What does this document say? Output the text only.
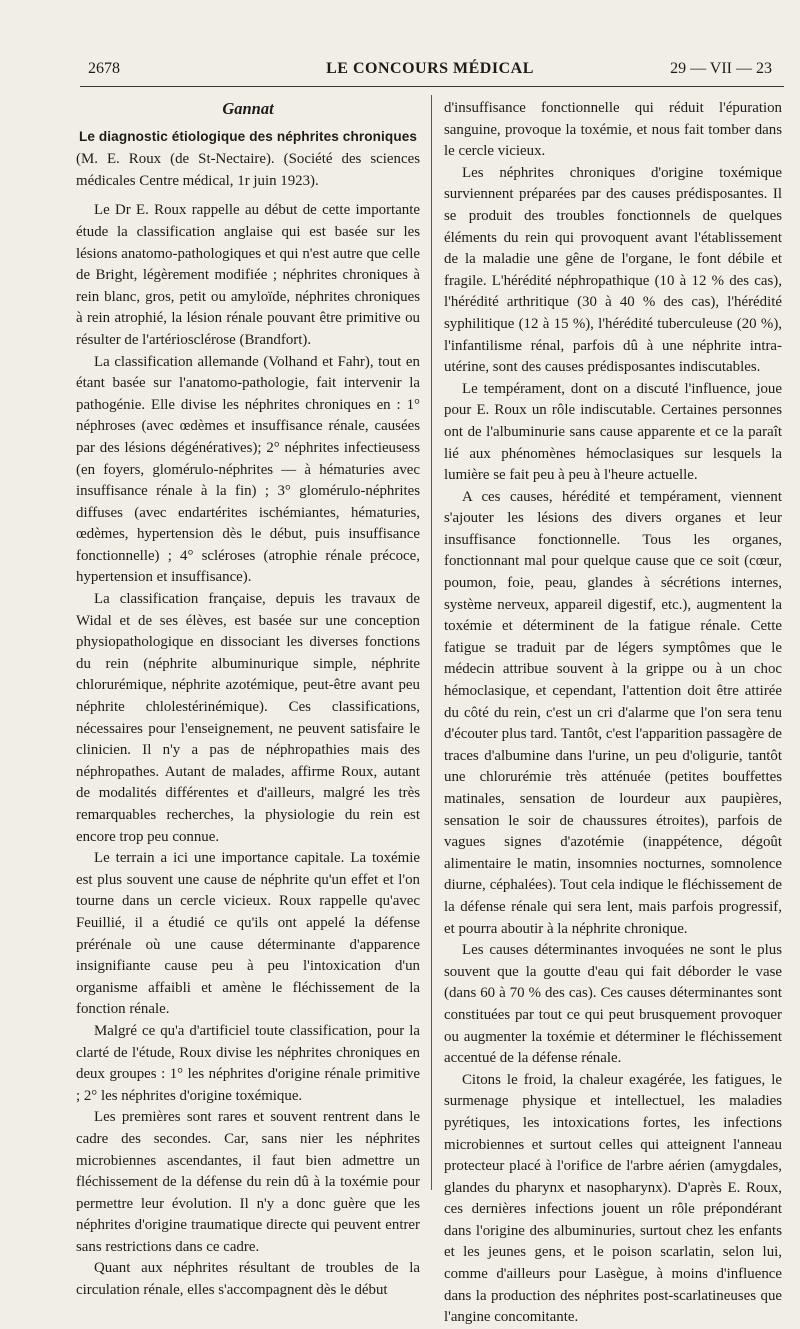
2678	LE CONCOURS MÉDICAL	29 — VII — 23
Gannat
Le diagnostic étiologique des néphrites chroniques

(M. E. Roux (de St-Nectaire). (Société des sciences médicales Centre médical, 1r juin 1923).

Le Dr E. Roux rappelle au début de cette importante étude la classification anglaise qui est basée sur les lésions anatomo-pathologiques et qui n'est autre que celle de Bright, légèrement modifiée ; néphrites chroniques à rein blanc, gros, petit ou amyloïde, néphrites chroniques à rein atrophié, la lésion rénale pouvant être primitive ou résulter de l'artériosclérose (Brandfort).

La classification allemande (Volhand et Fahr), tout en étant basée sur l'anatomo-pathologie, fait intervenir la pathogénie. Elle divise les néphrites chroniques en : 1° néphroses (avec œdèmes et insuffisance rénale, causées par des lésions dégénératives); 2° néphrites infectieusess (en foyers, glomérulo-néphrites — à hématuries avec insuffisance rénale à la fin) ; 3° glomérulo-néphrites diffuses (avec endartérites ischémiantes, hématuries, œdèmes, hypertension dès le début, puis insuffisance fonctionnelle) ; 4° scléroses (atrophie rénale précoce, hypertension et insuffisance).

La classification française, depuis les travaux de Widal et de ses élèves, est basée sur une conception physiopathologique en dissociant les diverses fonctions du rein (néphrite albuminurique simple, néphrite chlorurémique, néphrite azotémique, peut-être avant peu néphrite chlolestérinémique). Ces classifications, nécessaires pour l'enseignement, ne peuvent satisfaire le clinicien. Il n'y a pas de néphropathies mais des néphropathes. Autant de malades, affirme Roux, autant de modalités différentes et d'ailleurs, malgré les très remarquables recherches, la physiologie du rein est encore trop peu connue.

Le terrain a ici une importance capitale. La toxémie est plus souvent une cause de néphrite qu'un effet et l'on tourne dans un cercle vicieux. Roux rappelle qu'avec Feuillié, il a étudié ce qu'ils ont appelé la défense prérénale où une cause déterminante d'apparence insignifiante cause peu à peu l'intoxication d'un organisme affaibli et amène le fléchissement de la fonction rénale.

Malgré ce qu'a d'artificiel toute classification, pour la clarté de l'étude, Roux divise les néphrites chroniques en deux groupes : 1° les néphrites d'origine rénale primitive ; 2° les néphrites d'origine toxémique.

Les premières sont rares et souvent rentrent dans le cadre des secondes. Car, sans nier les néphrites microbiennes ascendantes, il faut bien admettre un fléchissement de la défense du rein dû à la toxémie pour permettre leur évolution. Il n'y a donc guère que les néphrites d'origine traumatique directe qui peuvent entrer sans restrictions dans ce cadre.

Quant aux néphrites résultant de troubles de la circulation rénale, elles s'accompagnent dès le début

d'insuffisance fonctionnelle qui réduit l'épuration sanguine, provoque la toxémie, et nous fait tomber dans le cercle vicieux.

Les néphrites chroniques d'origine toxémique surviennent préparées par des causes prédisposantes. Il se produit des troubles fonctionnels de quelques éléments du rein qui provoquent avant l'établissement de la maladie une gêne de l'organe, le font débile et fragile. L'hérédité néphropathique (10 à 12 % des cas), l'hérédité arthritique (30 à 40 % des cas), l'hérédité syphilitique (12 à 15 %), l'hérédité tuberculeuse (20 %), l'infantilisme rénal, parfois dû à une néphrite intra-utérine, sont des causes prédisposantes indiscutables.

Le tempérament, dont on a discuté l'influence, joue pour E. Roux un rôle indiscutable. Certaines personnes ont de l'albuminurie sans cause apparente et ce la paraît lié aux phénomènes hémoclasiques sur lesquels la lumière se fait peu à peu à l'heure actuelle.

A ces causes, hérédité et tempérament, viennent s'ajouter les lésions des divers organes et leur insuffisance fonctionnelle. Tous les organes, fonctionnant mal pour quelque cause que ce soit (cœur, poumon, foie, peau, glandes à sécrétions internes, système nerveux, appareil digestif, etc.), augmentent la toxémie et déterminent de la fatigue rénale. Cette fatigue se traduit par de légers symptômes que le médecin attribue souvent à la grippe ou à un choc hémoclasique, et cependant, l'attention doit être attirée du côté du rein, c'est un cri d'alarme que l'on sera tenu d'écouter plus tard. Tantôt, c'est l'apparition passagère de traces d'albumine dans l'urine, un peu d'oligurie, tantôt une chlorurémie très atténuée (petites bouffettes matinales, sensation de lourdeur aux paupières, sensation le soir de chaussures étroites), parfois de vagues signes d'azotémie (inappétence, dégoût alimentaire le matin, insomnies nocturnes, somnolence diurne, céphalées). Tout cela indique le fléchissement de la défense rénale qui sera lent, mais parfois progressif, et pourra aboutir à la néphrite chronique.

Les causes déterminantes invoquées ne sont le plus souvent que la goutte d'eau qui fait déborder le vase (dans 60 à 70 % des cas). Ces causes déterminantes sont constituées par tout ce qui peut brusquement provoquer ou augmenter la toxémie et déterminer le fléchissement accentué de la défense rénale.

Citons le froid, la chaleur exagérée, les fatigues, le surmenage physique et intellectuel, les maladies pyrétiques, les intoxications fortes, les infections microbiennes et surtout celles qui atteignent l'anneau protecteur placé à l'orifice de l'arbre aérien (amygdales, glandes du pharynx et nasopharynx). D'après E. Roux, ces dernières infections jouent un rôle prépondérant dans l'origine des albuminuries, surtout chez les enfants et les jeunes gens, et le poison scarlatin, selon lui, comme d'ailleurs pour Lasègue, à moins d'influence dans la production des néphrites post-scarlatineuses que l'angine concomitante.
